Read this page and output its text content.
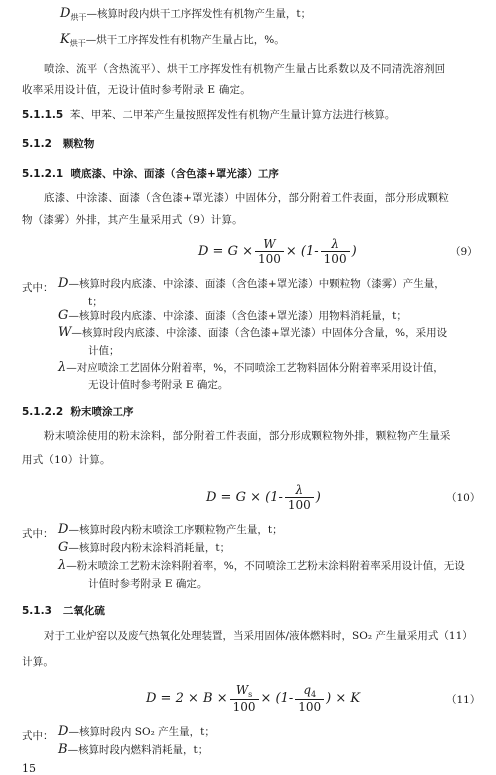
$D_{烘干}—$核算时段内烘干工序挥发性有机物产生量，t；
$K_{烘干}—$烘干工序挥发性有机物产生量占比，%。
喷涂、流平（含热流平）、烘干工序挥发性有机物产生量占比系数以及不同清洗溶剂回
收率采用设计值，无设计值时参考附录 E 确定。
5.1.1.5 苯、甲苯、二甲苯产生量按照挥发性有机物产生量计算方法进行核算。
5.1.2 颗粒物
5.1.2.1 喷底漆、中涂、面漆（含色漆+罩光漆）工序
底漆、中涂漆、面漆（含色漆+罩光漆）中固体分，部分附着工件表面，部分形成颗粒
物（漆雾）外排，其产生量采用式（9）计算。
$D = G \times \frac{W}{100} \times (1- \frac{\lambda}{100}$ )	（9）
式中： D—核算时段内底漆、中涂漆、面漆（含色漆+罩光漆）中颗粒物（漆雾）产生量，
t；
G—核算时段内底漆、中涂漆、面漆（含色漆+罩光漆）用物料消耗量，t；
W—核算时段内底漆、中涂漆、面漆（含色漆+罩光漆）中固体分含量，%，采用设
计值；
λ—对应喷涂工艺固体分附着率，%，不同喷涂工艺物料固体分附着率采用设计值，
无设计值时参考附录 E 确定。
5.1.2.2 粉末喷涂工序
粉末喷涂使用的粉末涂料，部分附着工件表面，部分形成颗粒物外排，颗粒物产生量采
用式（10）计算。
$D = G \times (1- \frac{\lambda}{100}$ )	（10）
式中： D—核算时段内粉末喷涂工序颗粒物产生量，t；
G—核算时段内粉末涂料消耗量，t；
λ—粉末喷涂工艺粉末涂料附着率，%，不同喷涂工艺粉末涂料附着率采用设计值，无设
计值时参考附录 E 确定。
5.1.3 二氧化硫
对于工业炉窑以及废气热氧化处理装置，当采用固体/液体燃料时，SO₂ 产生量采用式（11）
计算。
$D = 2 \times B \times \frac{W_s}{100} \times (1- \frac{q_4}{100}$ ) × K	（11）
式中： D—核算时段内 SO₂ 产生量，t；
B—核算时段内燃料消耗量，t；
15
